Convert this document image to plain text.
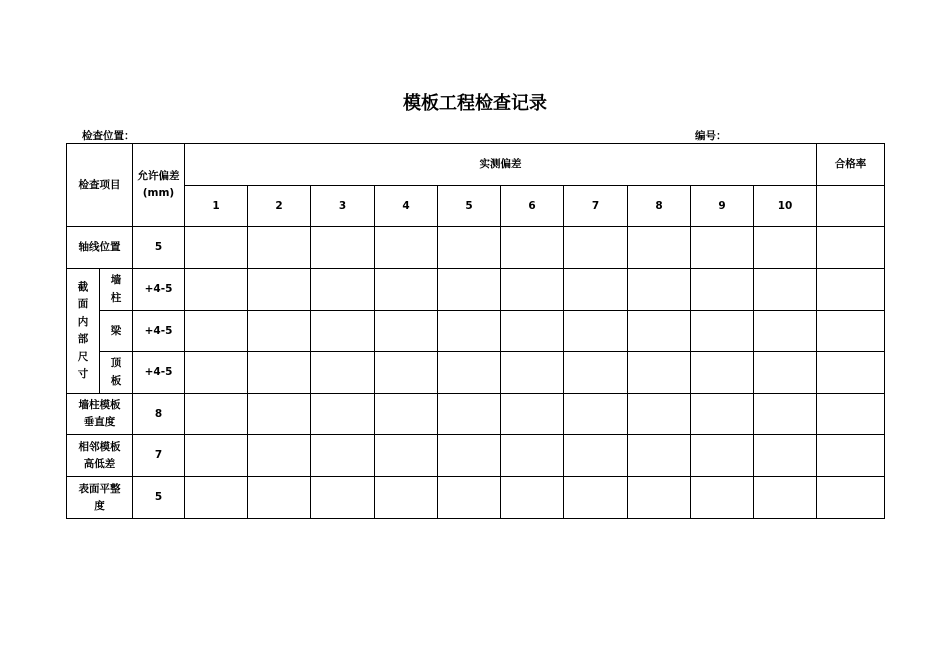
模板工程检查记录
检查位置：	编号：
检查项目		允许偏差(mm)	实测偏差										合格率
			1	2	3	4	5	6	7	8	9	10	
轴线位置		5											
截面内部尺寸	墙柱	+4-5											
	梁	+4-5											
	顶板	+4-5											
墙柱模板垂直度		8											
相邻模板高低差		7											
表面平整度		5											
